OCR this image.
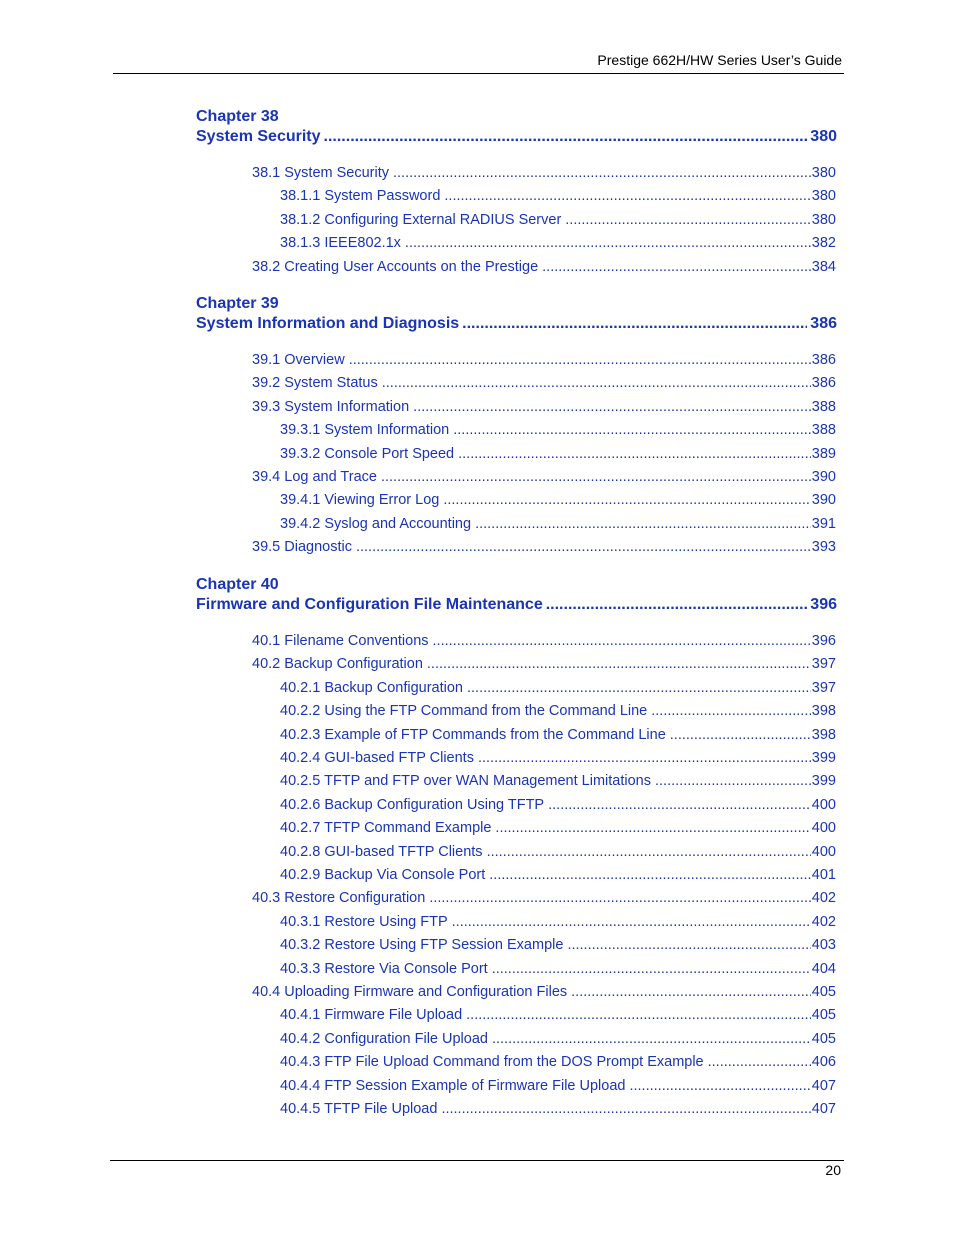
Prestige 662H/HW Series User’s Guide
Chapter 38
System Security .....	380
38.1 System Security .....	380
38.1.1 System Password .....	380
38.1.2 Configuring External RADIUS Server .....	380
38.1.3 IEEE802.1x .....	382
38.2 Creating User Accounts on the Prestige .....	384
Chapter 39
System Information and Diagnosis .....	386
39.1 Overview .....	386
39.2 System Status .....	386
39.3 System Information .....	388
39.3.1 System Information .....	388
39.3.2 Console Port Speed .....	389
39.4 Log and Trace .....	390
39.4.1 Viewing Error Log .....	390
39.4.2 Syslog and Accounting .....	391
39.5 Diagnostic .....	393
Chapter 40
Firmware and Configuration File Maintenance .....	396
40.1 Filename Conventions .....	396
40.2 Backup Configuration .....	397
40.2.1 Backup Configuration .....	397
40.2.2 Using the FTP Command from the Command Line .....	398
40.2.3 Example of FTP Commands from the Command Line .....	398
40.2.4 GUI-based FTP Clients .....	399
40.2.5 TFTP and FTP over WAN Management Limitations .....	399
40.2.6 Backup Configuration Using TFTP .....	400
40.2.7 TFTP Command Example .....	400
40.2.8 GUI-based TFTP Clients .....	400
40.2.9 Backup Via Console Port .....	401
40.3 Restore Configuration .....	402
40.3.1 Restore Using FTP .....	402
40.3.2 Restore Using FTP Session Example .....	403
40.3.3 Restore Via Console Port .....	404
40.4 Uploading Firmware and Configuration Files .....	405
40.4.1 Firmware File Upload .....	405
40.4.2 Configuration File Upload .....	405
40.4.3 FTP File Upload Command from the DOS Prompt Example .....	406
40.4.4 FTP Session Example of Firmware File Upload .....	407
40.4.5 TFTP File Upload .....	407
20
